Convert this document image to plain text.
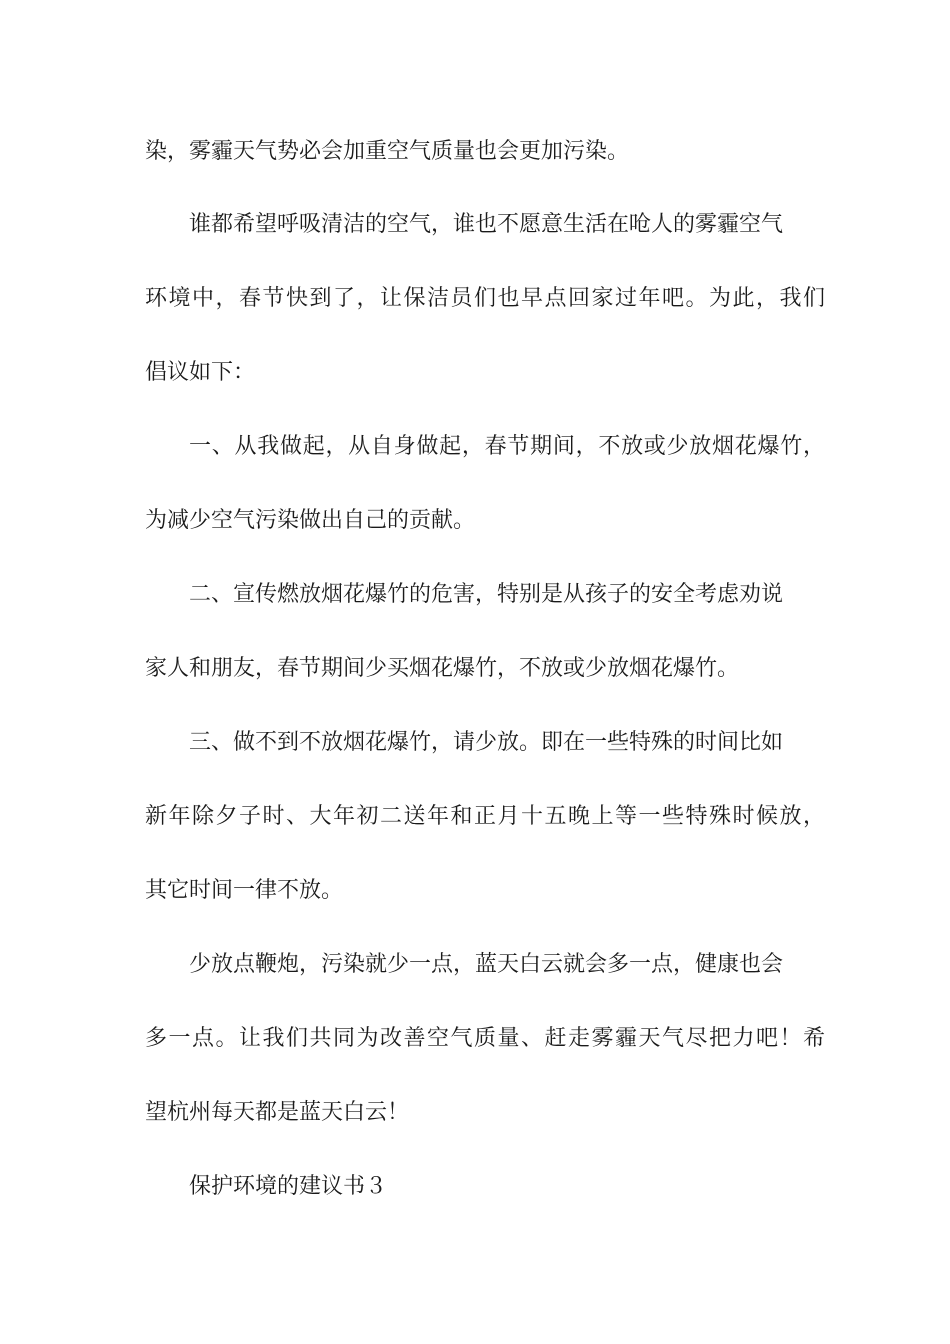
染，雾霾天气势必会加重空气质量也会更加污染。
谁都希望呼吸清洁的空气，谁也不愿意生活在呛人的雾霾空气
环境中，春节快到了，让保洁员们也早点回家过年吧。为此，我们
倡议如下：
一、从我做起，从自身做起，春节期间，不放或少放烟花爆竹，
为减少空气污染做出自己的贡献。
二、宣传燃放烟花爆竹的危害，特别是从孩子的安全考虑劝说
家人和朋友，春节期间少买烟花爆竹，不放或少放烟花爆竹。
三、做不到不放烟花爆竹，请少放。即在一些特殊的时间比如
新年除夕子时、大年初二送年和正月十五晚上等一些特殊时候放，
其它时间一律不放。
少放点鞭炮，污染就少一点，蓝天白云就会多一点，健康也会
多一点。让我们共同为改善空气质量、赶走雾霾天气尽把力吧！希
望杭州每天都是蓝天白云！
保护环境的建议书３
